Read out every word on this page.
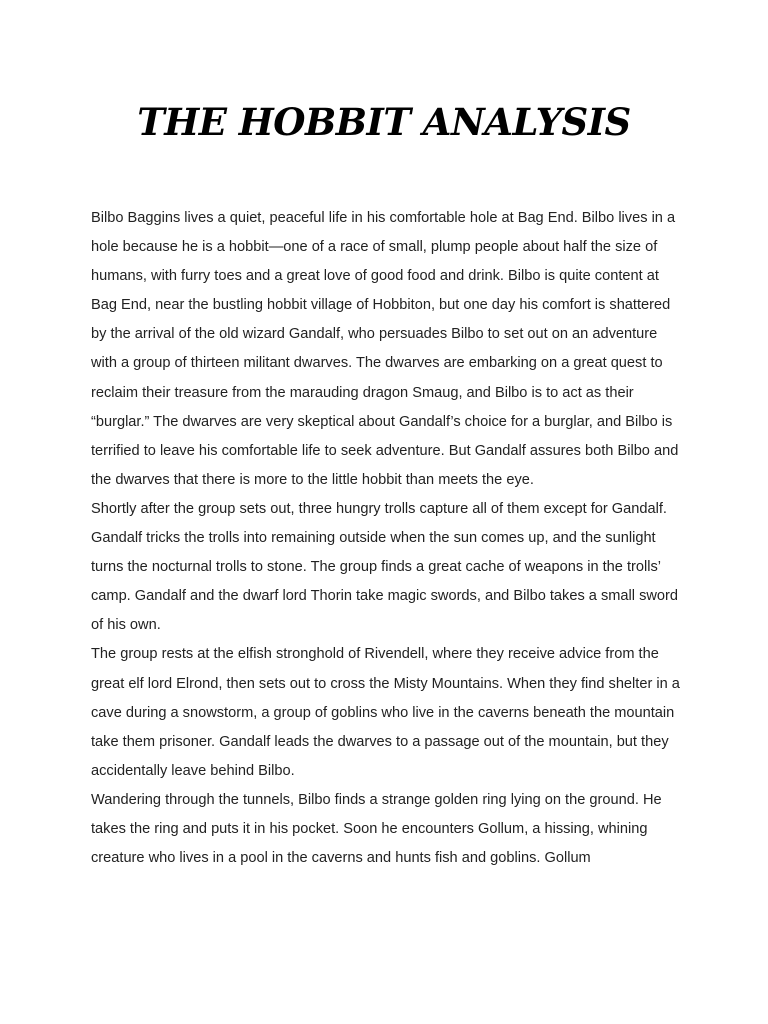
THE HOBBIT ANALYSIS

Bilbo Baggins lives a quiet, peaceful life in his comfortable hole at Bag End. Bilbo lives in a hole because he is a hobbit—one of a race of small, plump people about half the size of humans, with furry toes and a great love of good food and drink. Bilbo is quite content at Bag End, near the bustling hobbit village of Hobbiton, but one day his comfort is shattered by the arrival of the old wizard Gandalf, who persuades Bilbo to set out on an adventure with a group of thirteen militant dwarves. The dwarves are embarking on a great quest to reclaim their treasure from the marauding dragon Smaug, and Bilbo is to act as their “burglar.” The dwarves are very skeptical about Gandalf’s choice for a burglar, and Bilbo is terrified to leave his comfortable life to seek adventure. But Gandalf assures both Bilbo and the dwarves that there is more to the little hobbit than meets the eye.

Shortly after the group sets out, three hungry trolls capture all of them except for Gandalf. Gandalf tricks the trolls into remaining outside when the sun comes up, and the sunlight turns the nocturnal trolls to stone. The group finds a great cache of weapons in the trolls’ camp. Gandalf and the dwarf lord Thorin take magic swords, and Bilbo takes a small sword of his own.

The group rests at the elfish stronghold of Rivendell, where they receive advice from the great elf lord Elrond, then sets out to cross the Misty Mountains. When they find shelter in a cave during a snowstorm, a group of goblins who live in the caverns beneath the mountain take them prisoner. Gandalf leads the dwarves to a passage out of the mountain, but they accidentally leave behind Bilbo.

Wandering through the tunnels, Bilbo finds a strange golden ring lying on the ground. He takes the ring and puts it in his pocket. Soon he encounters Gollum, a hissing, whining creature who lives in a pool in the caverns and hunts fish and goblins. Gollum
